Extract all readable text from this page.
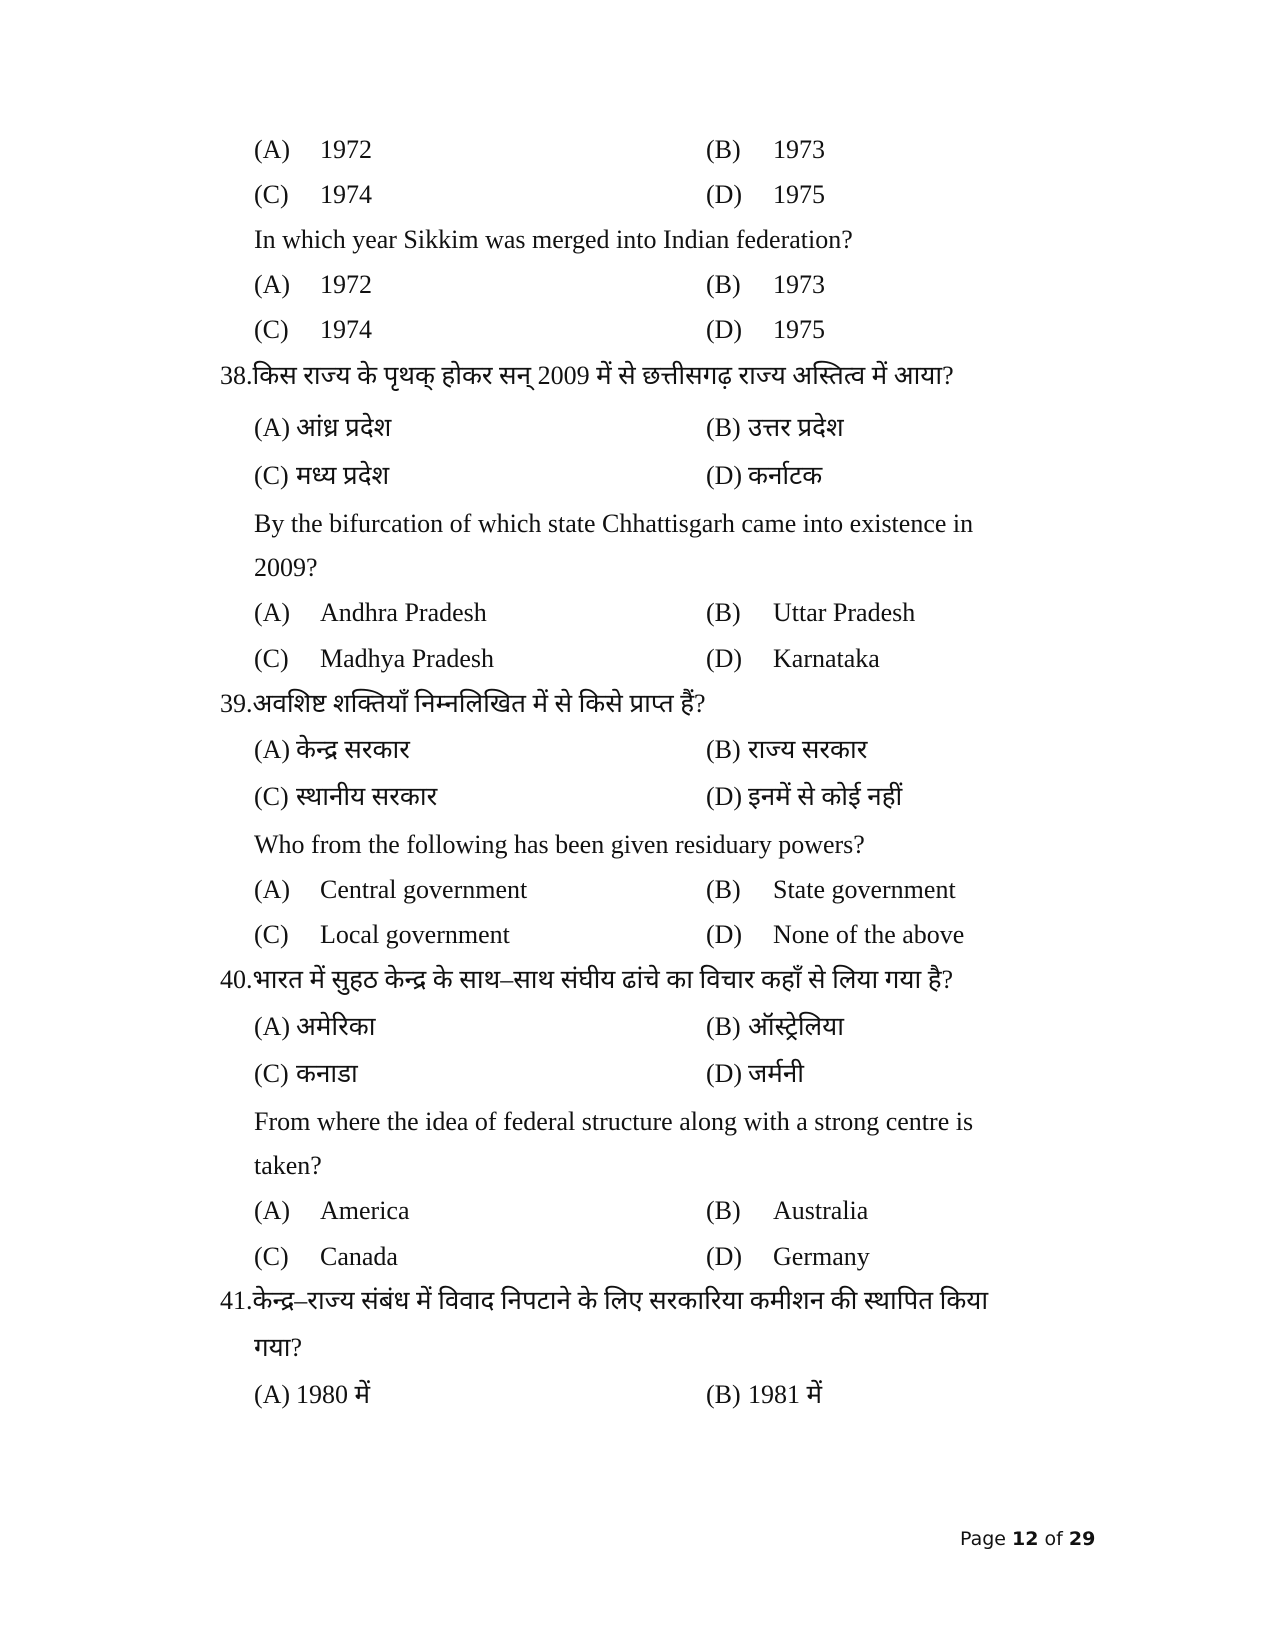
(A) 1972	(B) 1973
(C) 1974	(D) 1975
In which year Sikkim was merged into Indian federation?
(A) 1972	(B) 1973
(C) 1974	(D) 1975
38.किस राज्य के पृथक् होकर सन् 2009 में से छत्तीसगढ़ राज्य अस्तित्व में आया?
(A) आंध्र प्रदेश	(B) उत्तर प्रदेश
(C) मध्य प्रदेश	(D) कर्नाटक
By the bifurcation of which state Chhattisgarh came into existence in
2009?
(A) Andhra Pradesh	(B) Uttar Pradesh
(C) Madhya Pradesh	(D) Karnataka
39.अवशिष्ट शक्तियाँ निम्नलिखित में से किसे प्राप्त हैं?
(A) केन्द्र सरकार	(B) राज्य सरकार
(C) स्थानीय सरकार	(D) इनमें से कोई नहीं
Who from the following has been given residuary powers?
(A) Central government	(B) State government
(C) Local government	(D) None of the above
40.भारत में सुहठ केन्द्र के साथ–साथ संघीय ढांचे का विचार कहाँ से लिया गया है?
(A) अमेरिका	(B) ऑस्ट्रेलिया
(C) कनाडा	(D) जर्मनी
From where the idea of federal structure along with a strong centre is
taken?
(A) America	(B) Australia
(C) Canada	(D) Germany
41.केन्द्र–राज्य संबंध में विवाद निपटाने के लिए सरकारिया कमीशन की स्थापित किया
गया?
(A) 1980 में	(B) 1981 में
Page 12 of 29
